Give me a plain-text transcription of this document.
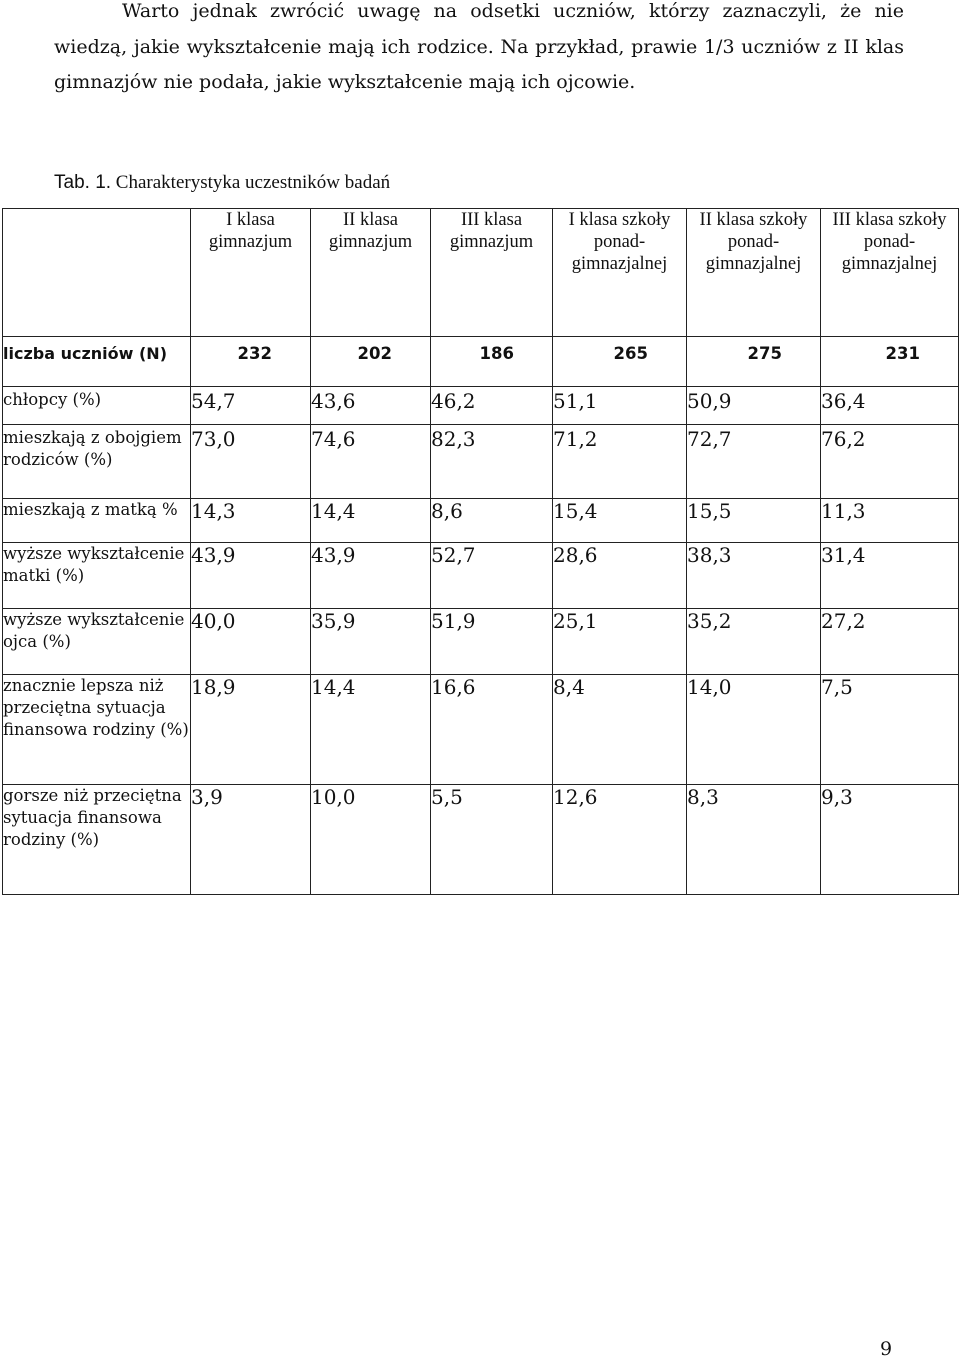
Warto jednak zwrócić uwagę na odsetki uczniów, którzy zaznaczyli, że nie wiedzą, jakie wykształcenie mają ich rodzice. Na przykład, prawie 1/3 uczniów z II klas gimnazjów nie podała, jakie wykształcenie mają ich ojcowie.

Tab. 1. Charakterystyka uczestników badań

	I klasa gimnazjum	II klasa gimnazjum	III klasa gimnazjum	I klasa szkoły ponad-gimnazjalnej	II klasa szkoły ponad-gimnazjalnej	III klasa szkoły ponad-gimnazjalnej
liczba uczniów (N)	232	202	186	265	275	231
chłopcy (%)	54,7	43,6	46,2	51,1	50,9	36,4
mieszkają z obojgiem rodziców (%)	73,0	74,6	82,3	71,2	72,7	76,2
mieszkają z matką %	14,3	14,4	8,6	15,4	15,5	11,3
wyższe wykształcenie matki (%)	43,9	43,9	52,7	28,6	38,3	31,4
wyższe wykształcenie ojca (%)	40,0	35,9	51,9	25,1	35,2	27,2
znacznie lepsza niż przeciętna sytuacja finansowa rodziny (%)	18,9	14,4	16,6	8,4	14,0	7,5
gorsze niż przeciętna sytuacja finansowa rodziny (%)	3,9	10,0	5,5	12,6	8,3	9,3
9
